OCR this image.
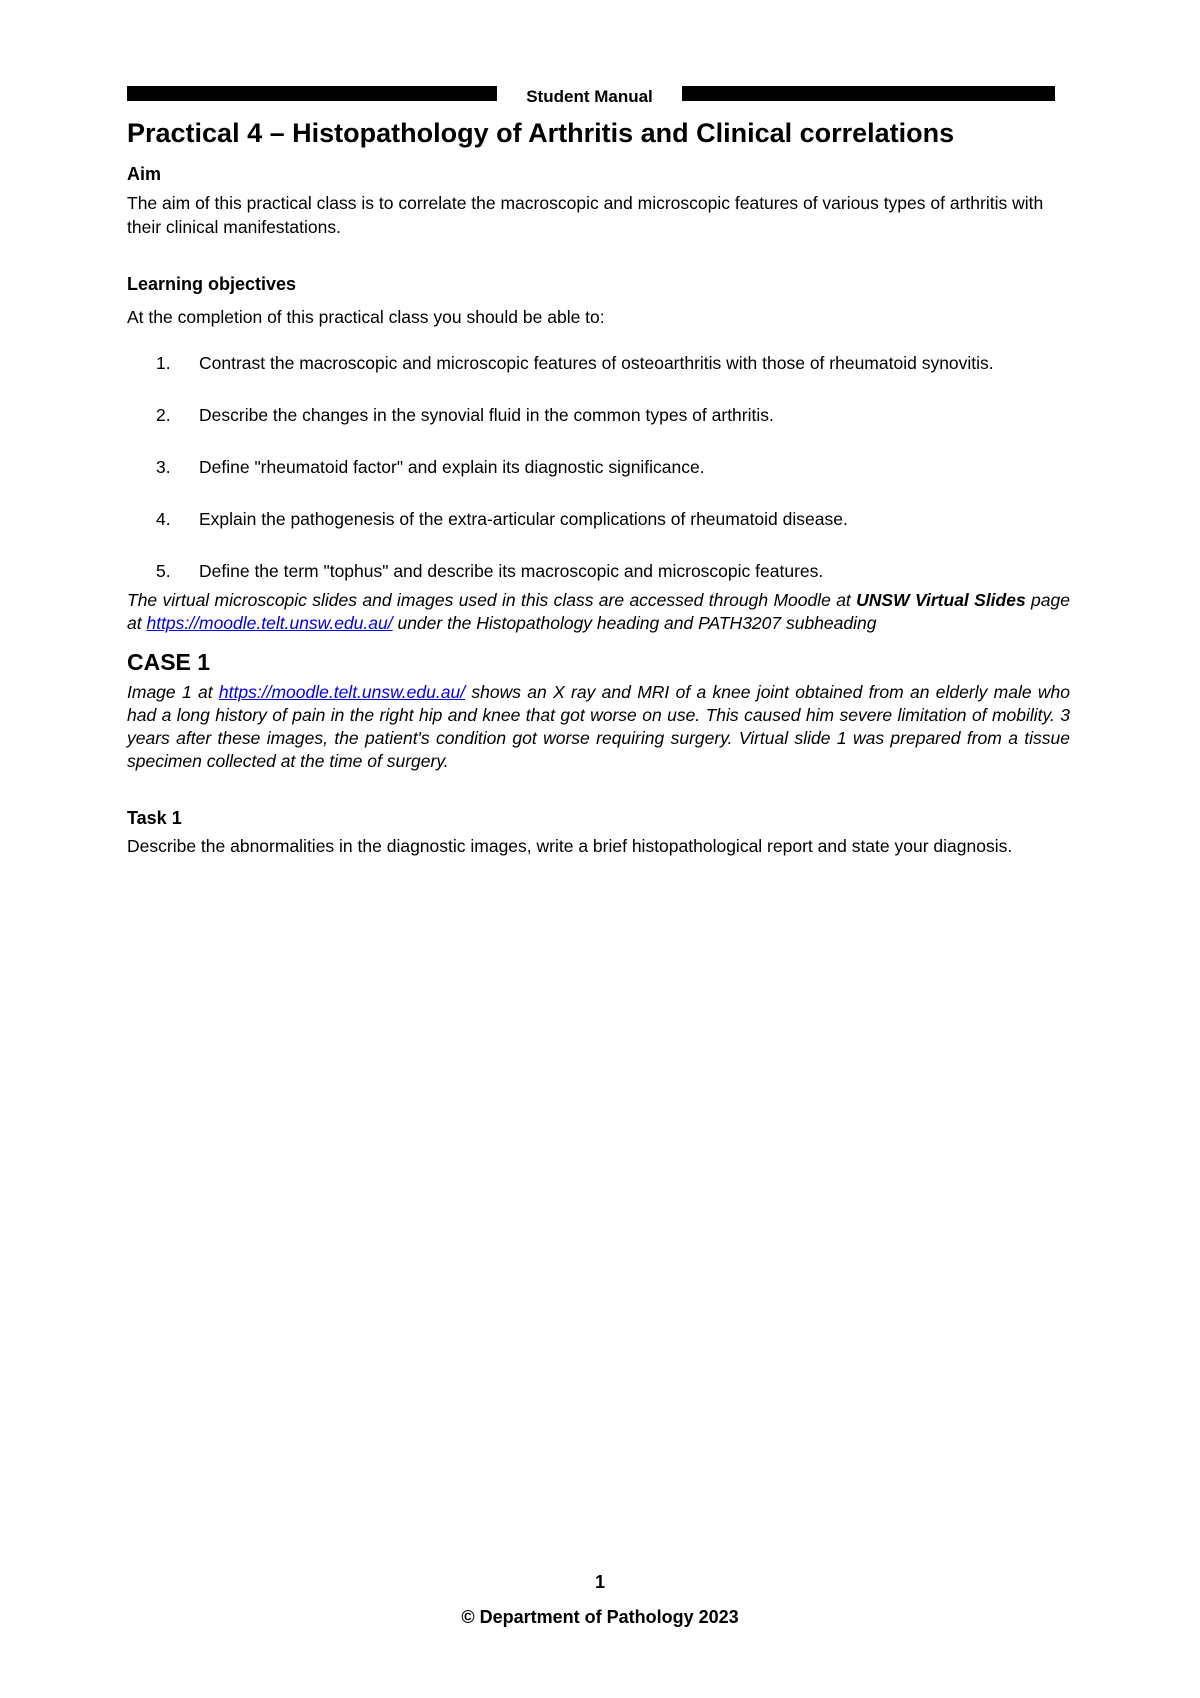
Student Manual
Practical 4 – Histopathology of Arthritis and Clinical correlations
Aim

The aim of this practical class is to correlate the macroscopic and microscopic features of various types of arthritis with their clinical manifestations.

Learning objectives

At the completion of this practical class you should be able to:

1.	Contrast the macroscopic and microscopic features of osteoarthritis with those of rheumatoid synovitis.
2.	Describe the changes in the synovial fluid in the common types of arthritis.
3.	Define "rheumatoid factor" and explain its diagnostic significance.
4.	Explain the pathogenesis of the extra-articular complications of rheumatoid disease.
5.	Define the term "tophus" and describe its macroscopic and microscopic features.

The virtual microscopic slides and images used in this class are accessed through Moodle at UNSW Virtual Slides page at https://moodle.telt.unsw.edu.au/ under the Histopathology heading and PATH3207 subheading

CASE 1

Image 1 at https://moodle.telt.unsw.edu.au/ shows an X ray and MRI of a knee joint obtained from an elderly male who had a long history of pain in the right hip and knee that got worse on use. This caused him severe limitation of mobility. 3 years after these images, the patient's condition got worse requiring surgery. Virtual slide 1 was prepared from a tissue specimen collected at the time of surgery.

Task 1

Describe the abnormalities in the diagnostic images, write a brief histopathological report and state your diagnosis.

1
© Department of Pathology 2023
